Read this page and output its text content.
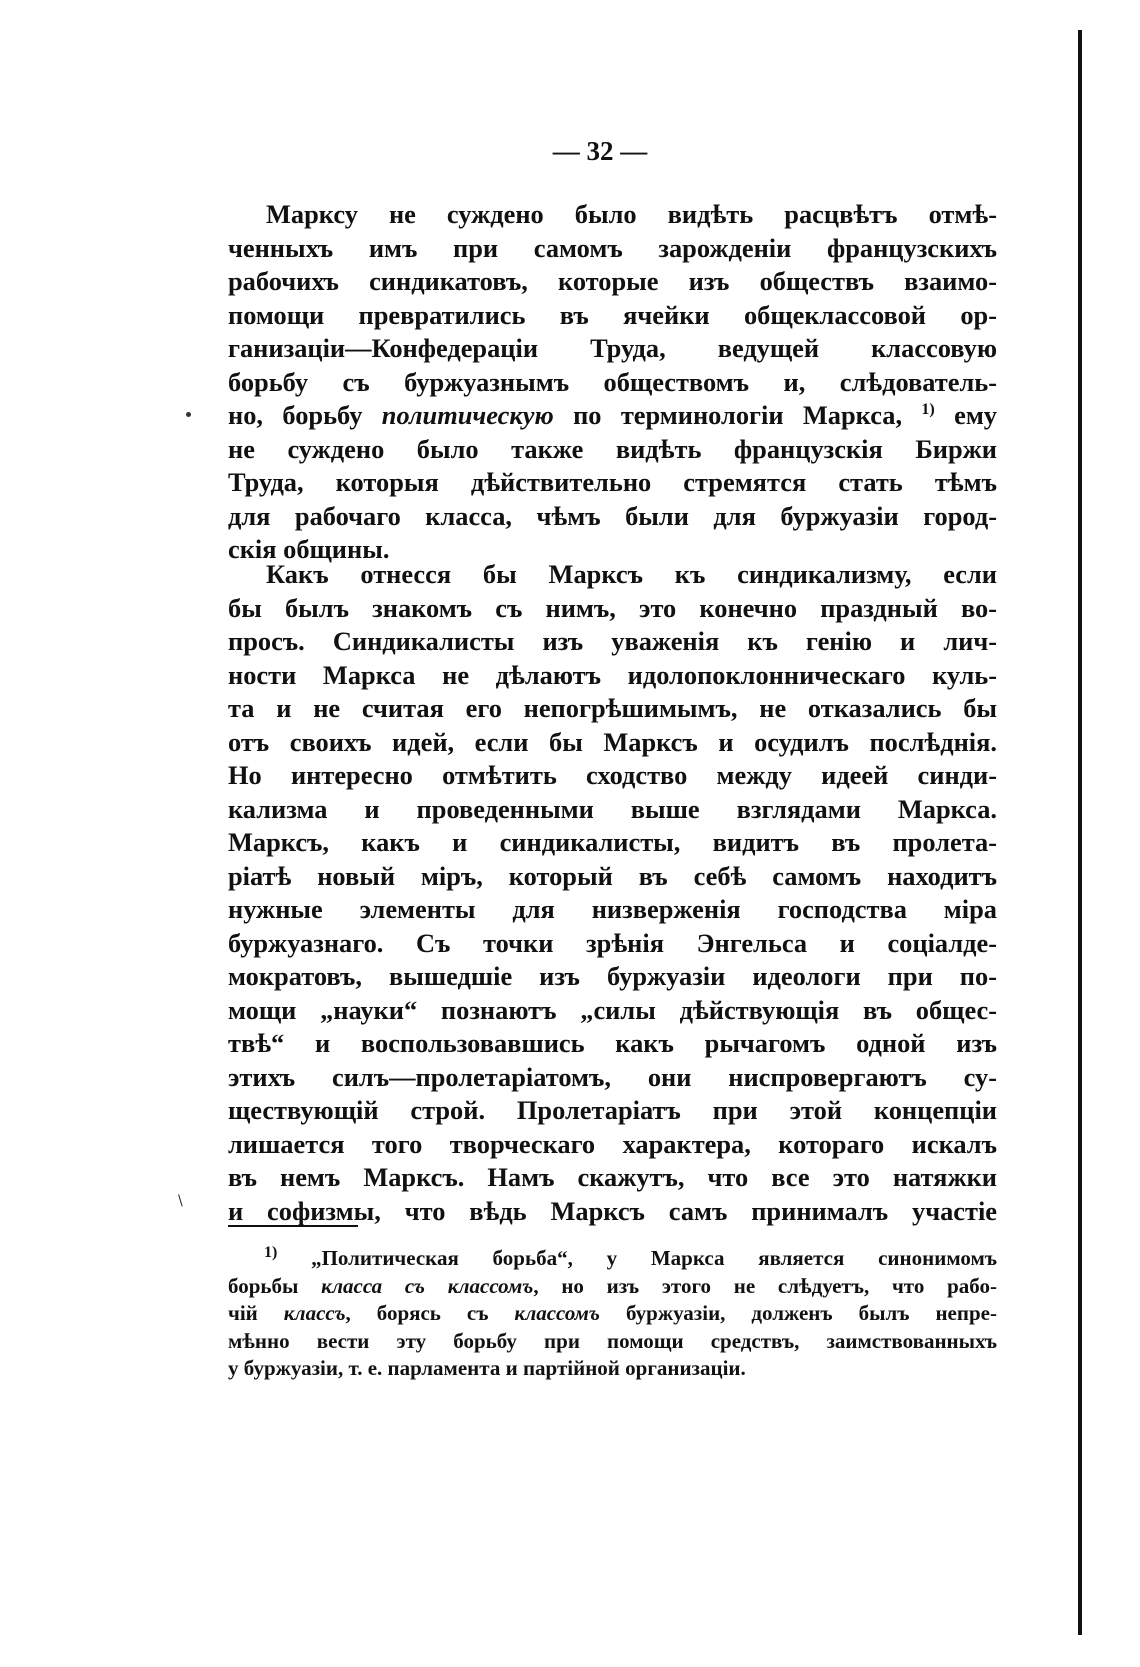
— 32 —
Марксу не суждено было видѣть расцвѣтъ отмѣ-
ченныхъ имъ при самомъ зарожденіи французскихъ
рабочихъ синдикатовъ, которые изъ обществъ взаимо-
помощи превратились въ ячейки общеклассовой ор-
ганизаціи—Конфедераціи Труда, ведущей классовую
борьбу съ буржуазнымъ обществомъ и, слѣдователь-
но, борьбу политическую по терминологіи Маркса, $^{1)}$ ему
не суждено было также видѣть французскія Биржи
Труда, которыя дѣйствительно стремятся стать тѣмъ
для рабочаго класса, чѣмъ были для буржуазіи город-
скія общины.
Какъ отнесся бы Марксъ къ синдикализму, если
бы былъ знакомъ съ нимъ, это конечно праздный во-
просъ. Синдикалисты изъ уваженія къ генію и лич-
ности Маркса не дѣлаютъ идолопоклонническаго куль-
та и не считая его непогрѣшимымъ, не отказались бы
отъ своихъ идей, если бы Марксъ и осудилъ послѣднія.
Но интересно отмѣтить сходство между идеей синди-
кализма и проведенными выше взглядами Маркса.
Марксъ, какъ и синдикалисты, видитъ въ пролета-
ріатѣ новый міръ, который въ себѣ самомъ находитъ
нужные элементы для низверженія господства міра
буржуазнаго. Съ точки зрѣнія Энгельса и соціалде-
мократовъ, вышедшіе изъ буржуазіи идеологи при по-
мощи „науки“ познаютъ „силы дѣйствующія въ общес-
твѣ“ и воспользовавшись какъ рычагомъ одной изъ
этихъ силъ—пролетаріатомъ, они ниспровергаютъ су-
ществующій строй. Пролетаріатъ при этой концепціи
лишается того творческаго характера, котораго искалъ
въ немъ Марксъ. Намъ скажутъ, что все это натяжки
и софизмы, что вѣдь Марксъ самъ принималъ участіе
$^{1)}$ „Политическая борьба“, у Маркса является синонимомъ
борьбы класса съ классомъ, но изъ этого не слѣдуетъ, что рабо-
чій классъ, борясь съ классомъ буржуазіи, долженъ былъ непре-
мѣнно вести эту борьбу при помощи средствъ, заимствованныхъ
у буржуазіи, т. е. парламента и партійной организаціи.
\
